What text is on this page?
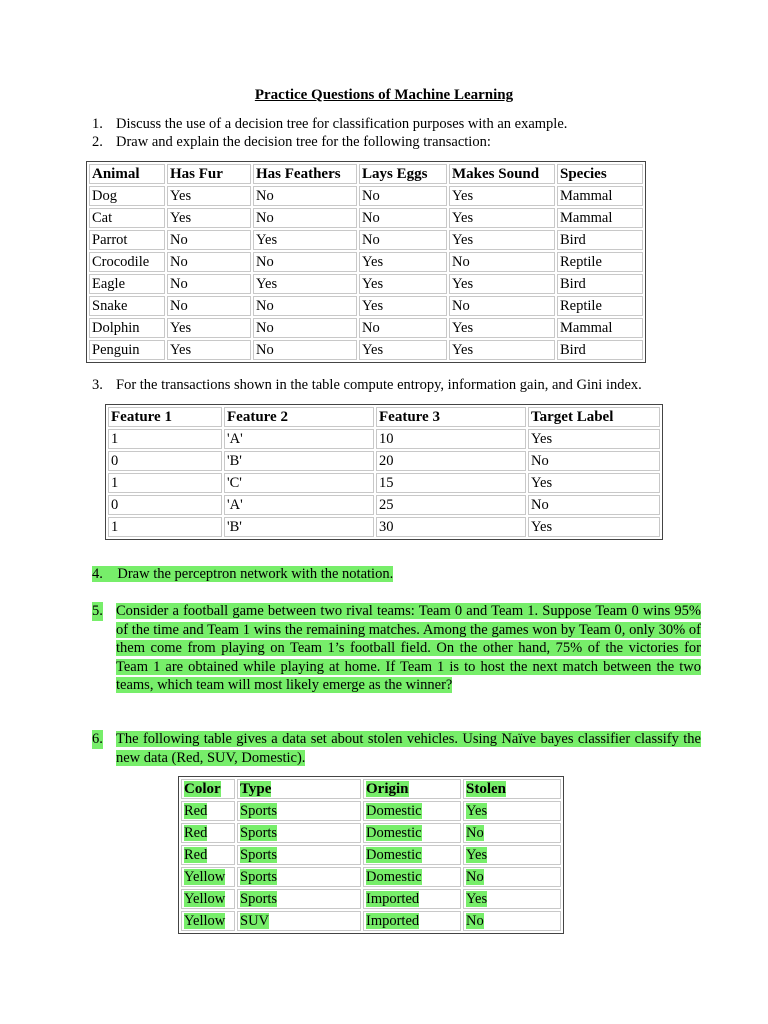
Practice Questions of Machine Learning
1. Discuss the use of a decision tree for classification purposes with an example.
2. Draw and explain the decision tree for the following transaction:
Animal	Has Fur	Has Feathers	Lays Eggs	Makes Sound	Species
Dog	Yes	No	No	Yes	Mammal
Cat	Yes	No	No	Yes	Mammal
Parrot	No	Yes	No	Yes	Bird
Crocodile	No	No	Yes	No	Reptile
Eagle	No	Yes	Yes	Yes	Bird
Snake	No	No	Yes	No	Reptile
Dolphin	Yes	No	No	Yes	Mammal
Penguin	Yes	No	Yes	Yes	Bird
3. For the transactions shown in the table compute entropy, information gain, and Gini index.
Feature 1	Feature 2	Feature 3	Target Label
1	'A'	10	Yes
0	'B'	20	No
1	'C'	15	Yes
0	'A'	25	No
1	'B'	30	Yes
4. Draw the perceptron network with the notation.
5. Consider a football game between two rival teams: Team 0 and Team 1. Suppose Team 0 wins 95% of the time and Team 1 wins the remaining matches. Among the games won by Team 0, only 30% of them come from playing on Team 1’s football field. On the other hand, 75% of the victories for Team 1 are obtained while playing at home. If Team 1 is to host the next match between the two teams, which team will most likely emerge as the winner?
6. The following table gives a data set about stolen vehicles. Using Naïve bayes classifier classify the new data (Red, SUV, Domestic).
Color	Type	Origin	Stolen
Red	Sports	Domestic	Yes
Red	Sports	Domestic	No
Red	Sports	Domestic	Yes
Yellow	Sports	Domestic	No
Yellow	Sports	Imported	Yes
Yellow	SUV	Imported	No
